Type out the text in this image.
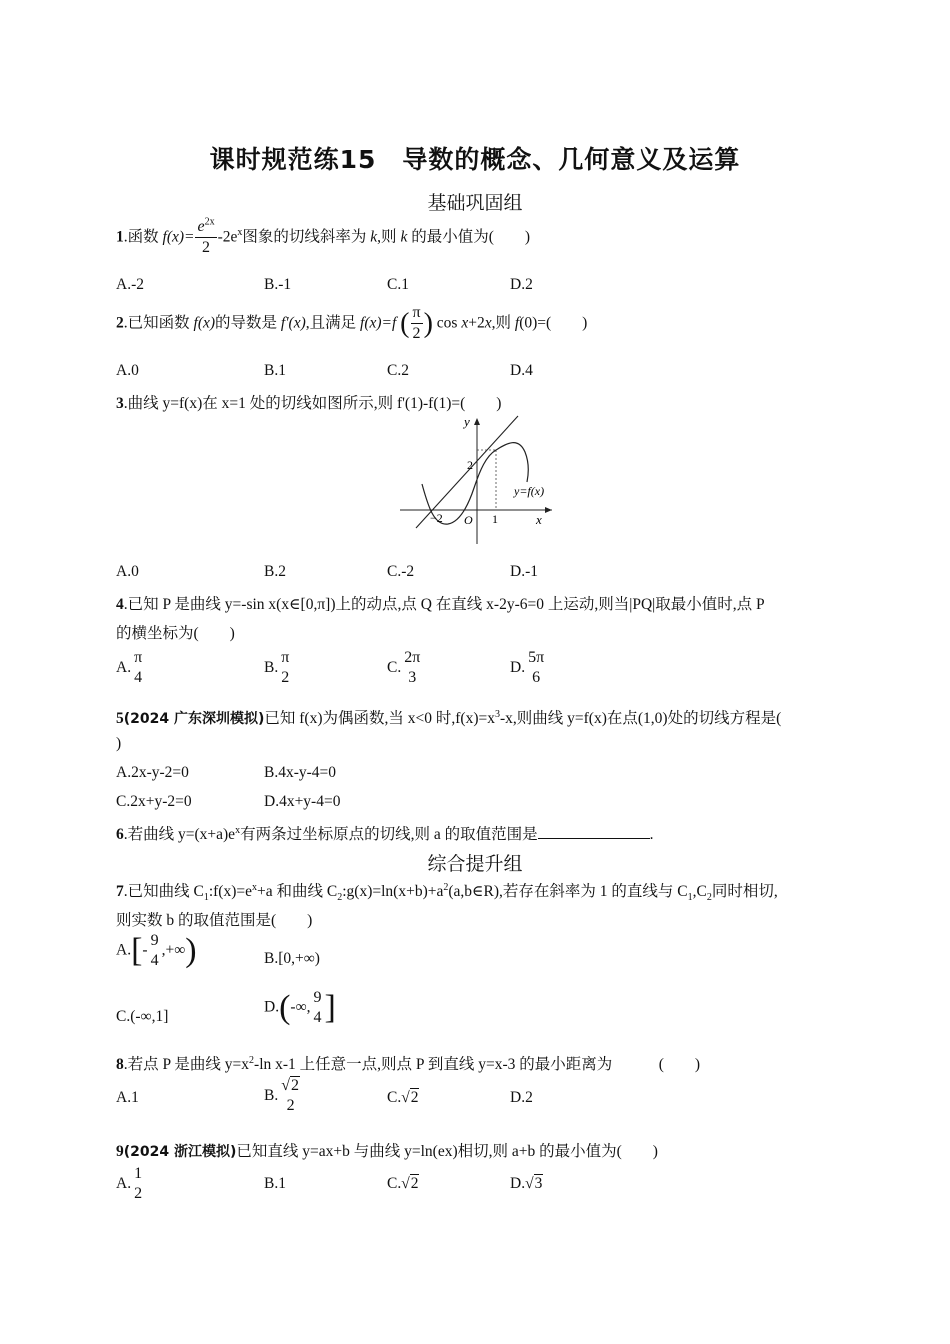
课时规范练15　导数的概念、几何意义及运算
基础巩固组
1.函数 $f(x)= \frac{e^{2x}}{2} -2e^x$图象的切线斜率为 k,则 k 的最小值为(　　)
A.-2	B.-1	C.1	D.2
2.已知函数 f(x)的导数是 f'(x),且满足 f(x)=f ( $\frac{\pi}{2}$ ) cos x+2x,则 f(0)=(　　)
A.0	B.1	C.2	D.4
3.曲线 y=f(x)在 x=1 处的切线如图所示,则 f'(1)-f(1)=(　　)
y
x
2
−2	1
O
y=f(x)
A.0	B.2	C.-2	D.-1
4.已知 P 是曲线 y=-sin x(x∈[0,π])上的动点,点 Q 在直线 x-2y-6=0 上运动,则当|PQ|取最小值时,点 P
的横坐标为(　　)
A.
π
4
B.
π
2
C.
2π
3
D.
5π
6
5(2024 广东深圳模拟)已知 f(x)为偶函数,当 x<0 时$,f(x)=x^3-x$,则曲线 y=f(x)在点(1,0)处的切线方程是(
)
A.2x-y-2=0	B.4x-y-4=0
C.2x+y-2=0	D.4x+y-4=0
6.若曲线 $y=(x+a)e^x$有两条过坐标原点的切线,则 a 的取值范围是	.
综合提升组
7.已知曲线 $C_1:f(x)=e^x+a$ 和曲线 $C_2:g(x)=\ln(x+b)+a^2(a,b\in R)$,若存在斜率为 1 的直线与 $C_1,C_2$同时相切,
则实数 b 的取值范围是(　　)
A.[-
9
4
,+∞)	B.[0,+∞)
C.(-∞,1]
D.(-∞,
9
4 ]
8.若点 P 是曲线 $y=x^2-\ln$ x-1 上任意一点,则点 P 到直线 y=x-3 的最小距离为　　　(　　)
A.1	B.
√2
2	C.√2	D.2
9(2024 浙江模拟)已知直线 y=ax+b 与曲线 y=ln(ex)相切,则 a+b 的最小值为(　　)
A.
1
2
B.1	C.√2	D.√3
